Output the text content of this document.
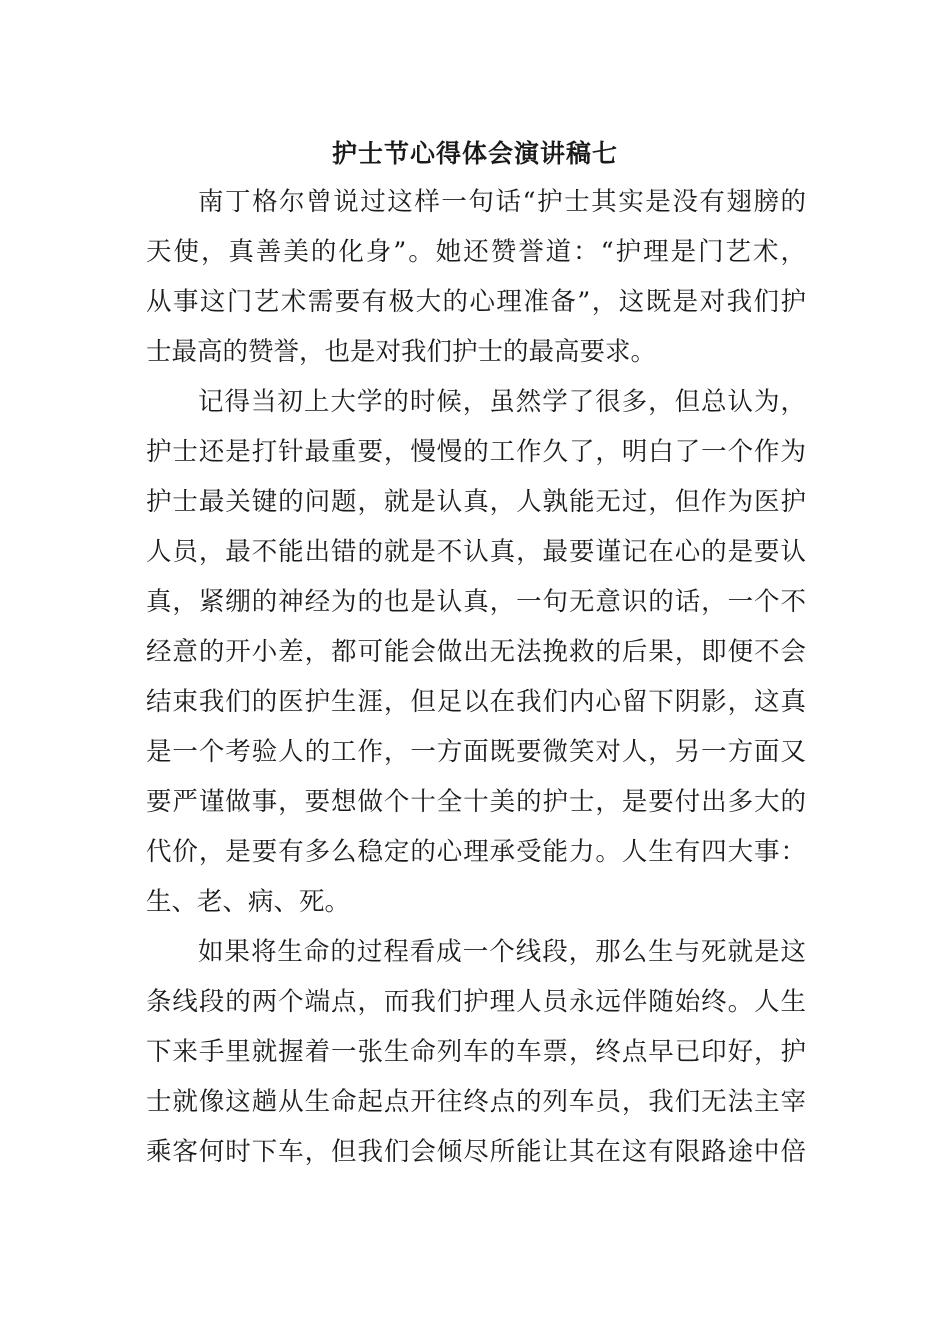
护士节心得体会演讲稿七
南丁格尔曾说过这样一句话“护士其实是没有翅膀的
天使，真善美的化身”。她还赞誉道：“护理是门艺术，
从事这门艺术需要有极大的心理准备”，这既是对我们护
士最高的赞誉，也是对我们护士的最高要求。
记得当初上大学的时候，虽然学了很多，但总认为，
护士还是打针最重要，慢慢的工作久了，明白了一个作为
护士最关键的问题，就是认真，人孰能无过，但作为医护
人员，最不能出错的就是不认真，最要谨记在心的是要认
真，紧绷的神经为的也是认真，一句无意识的话，一个不
经意的开小差，都可能会做出无法挽救的后果，即便不会
结束我们的医护生涯，但足以在我们内心留下阴影，这真
是一个考验人的工作，一方面既要微笑对人，另一方面又
要严谨做事，要想做个十全十美的护士，是要付出多大的
代价，是要有多么稳定的心理承受能力。人生有四大事：
生、老、病、死。
如果将生命的过程看成一个线段，那么生与死就是这
条线段的两个端点，而我们护理人员永远伴随始终。人生
下来手里就握着一张生命列车的车票，终点早已印好，护
士就像这趟从生命起点开往终点的列车员，我们无法主宰
乘客何时下车，但我们会倾尽所能让其在这有限路途中倍
